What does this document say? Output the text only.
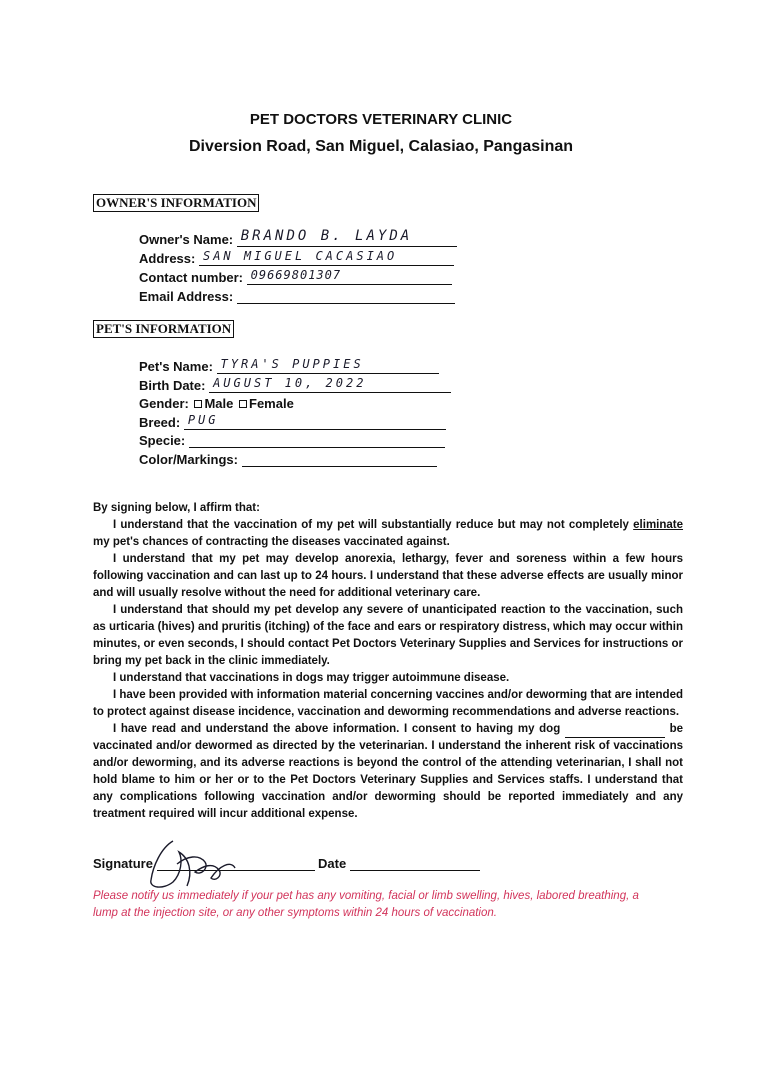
PET DOCTORS VETERINARY CLINIC
Diversion Road, San Miguel, Calasiao, Pangasinan
OWNER'S INFORMATION
Owner's Name: BRANDO B. LAYDA
Address: SAN MIGUEL CACASIAO
Contact number: 09669801307
Email Address:
PET'S INFORMATION
Pet's Name: TYRA'S PUPPIES
Birth Date: AUGUST 10, 2022
Gender: Male Female
Breed: PUG
Specie:
Color/Markings:

By signing below, I affirm that:

I understand that the vaccination of my pet will substantially reduce but may not completely eliminate my pet's chances of contracting the diseases vaccinated against.

I understand that my pet may develop anorexia, lethargy, fever and soreness within a few hours following vaccination and can last up to 24 hours. I understand that these adverse effects are usually minor and will usually resolve without the need for additional veterinary care.

I understand that should my pet develop any severe of unanticipated reaction to the vaccination, such as urticaria (hives) and pruritis (itching) of the face and ears or respiratory distress, which may occur within minutes, or even seconds, I should contact Pet Doctors Veterinary Supplies and Services for instructions or bring my pet back in the clinic immediately.

I understand that vaccinations in dogs may trigger autoimmune disease.

I have been provided with information material concerning vaccines and/or deworming that are intended to protect against disease incidence, vaccination and deworming recommendations and adverse reactions.

I have read and understand the above information. I consent to having my dog	be vaccinated and/or dewormed as directed by the veterinarian. I understand the inherent risk of vaccinations and/or deworming, and its adverse reactions is beyond the control of the attending veterinarian, I shall not hold blame to him or her or to the Pet Doctors Veterinary Supplies and Services staffs. I understand that any complications following vaccination and/or deworming should be reported immediately and any treatment required will incur additional expense.

Signature	Date
Please notify us immediately if your pet has any vomiting, facial or limb swelling, hives, labored breathing, a lump at the injection site, or any other symptoms within 24 hours of vaccination.
